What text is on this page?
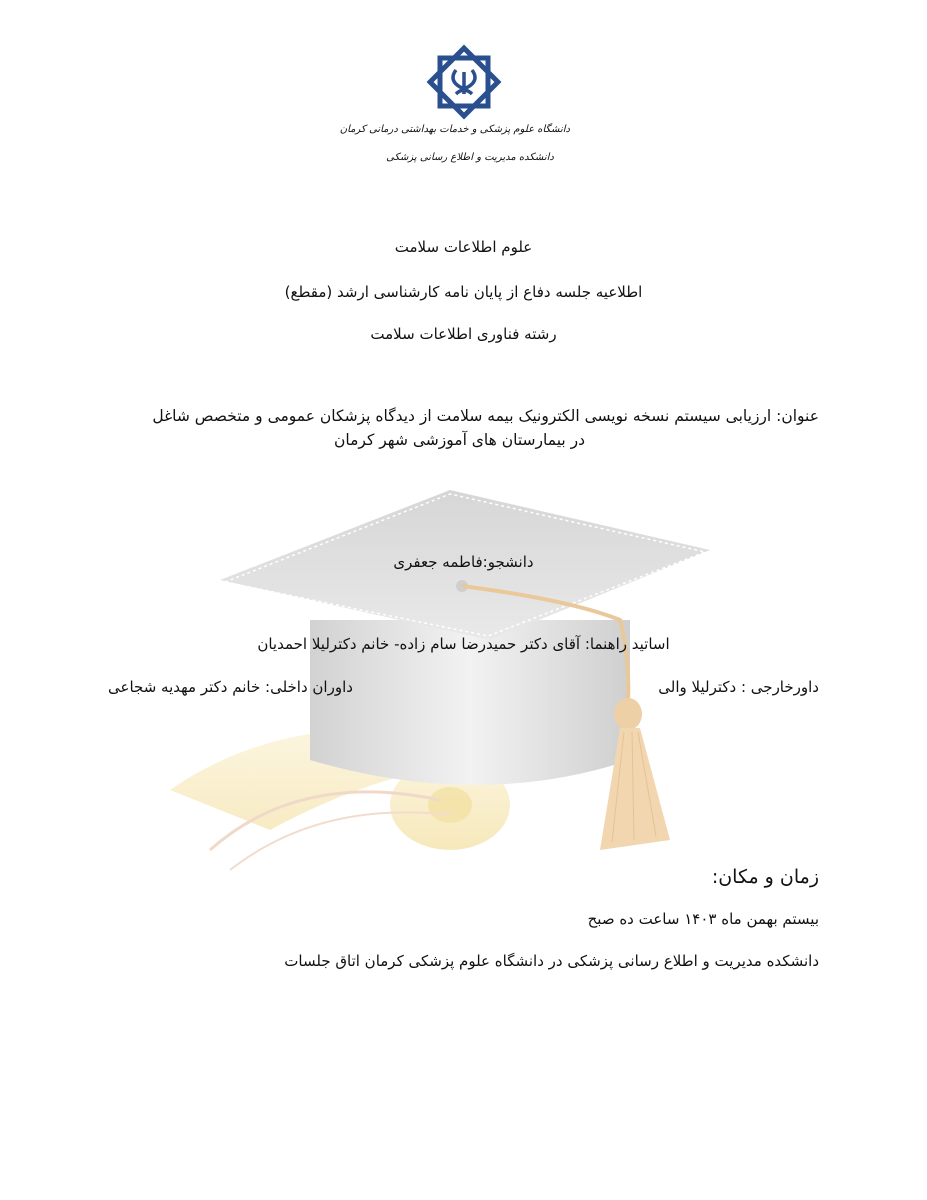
دانشگاه علوم پزشکی و خدمات بهداشتی درمانی کرمان
دانشکده مدیریت و اطلاع رسانی پزشکی
علوم اطلاعات سلامت
اطلاعیه جلسه دفاع از پایان نامه کارشناسی ارشد (مقطع)
رشته فناوری اطلاعات سلامت
عنوان: ارزیابی سیستم نسخه نویسی الکترونیک بیمه سلامت از دیدگاه پزشکان عمومی و متخصص شاغل
در بیمارستان های آموزشی شهر کرمان
دانشجو:فاطمه جعفری
اساتید راهنما: آقای دکتر حمیدرضا سام زاده- خانم دکترلیلا احمدیان
داورخارجی : دکترلیلا والی
داوران داخلی: خانم دکتر مهدیه شجاعی
زمان و مکان:
بیستم بهمن ماه ۱۴۰۳ ساعت ده صبح
دانشکده مدیریت و اطلاع رسانی پزشکی در دانشگاه علوم پزشکی کرمان اتاق جلسات
